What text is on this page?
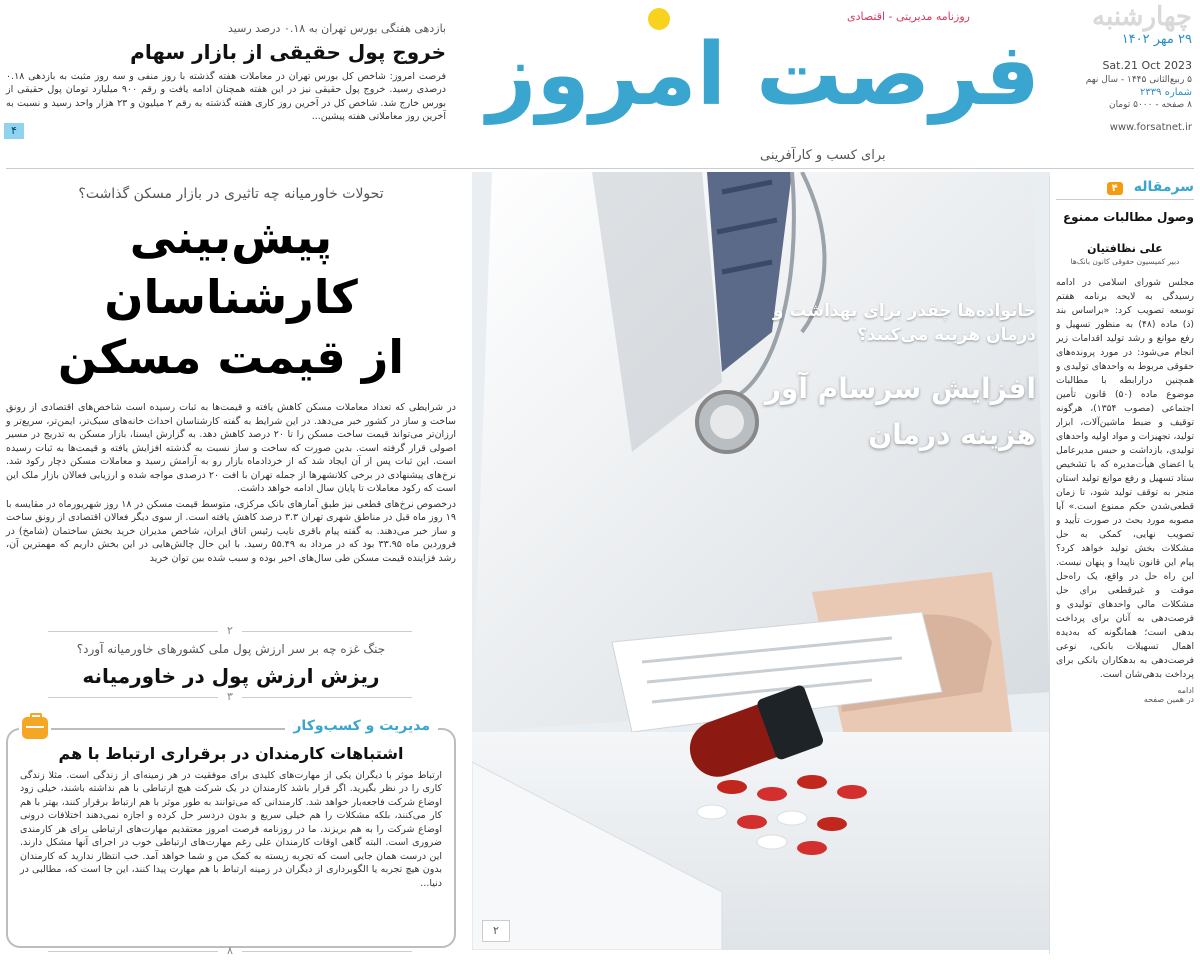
چهارشنبه
۲۹ مهر ۱۴۰۲
Sat.21 Oct 2023
۵ ربیع‌الثانی ۱۴۴۵ - سال نهم
شماره ۲۳۳۹
۸ صفحه - ۵۰۰۰ تومان
www.forsatnet.ir
روزنامه مدیریتی - اقتصادی
فرصت امروز
برای کسب و کارآفرینی
بازدهی هفتگی بورس تهران به ۰.۱۸ درصد رسید
خروج پول حقیقی از بازار سهام
فرصت امروز: شاخص کل بورس تهران در معاملات هفته گذشته با روز منفی و سه روز مثبت به بازدهی ۰.۱۸ درصدی رسید. خروج پول حقیقی نیز در این هفته همچنان ادامه یافت و رقم ۹۰۰ میلیارد تومان پول حقیقی از بورس خارج شد. شاخص کل در آخرین روز کاری هفته گذشته به رقم ۲ میلیون و ۲۳ هزار واحد رسید و نسبت به آخرین روز معاملاتی هفته پیشین...
۴
تحولات خاورمیانه چه تاثیری در بازار مسکن گذاشت؟
پیش‌بینی کارشناسان
از قیمت مسکن
در شرایطی که تعداد معاملات مسکن کاهش یافته و قیمت‌ها به ثبات رسیده است شاخص‌های اقتصادی از رونق ساخت و ساز در کشور خبر می‌دهد. در این شرایط به گفته کارشناسان احداث خانه‌های سبک‌تر، ایمن‌تر، سریع‌تر و ارزان‌تر می‌تواند قیمت ساخت مسکن را تا ۲۰ درصد کاهش دهد. به گزارش ایسنا، بازار مسکن به تدریج در مسیر اصولی قرار گرفته است. بدین صورت که ساخت و ساز نسبت به گذشته افزایش یافته و قیمت‌ها به ثبات رسیده است. این ثبات پس از آن ایجاد شد که از خرداد‌ماه بازار رو به آرامش رسید و معاملات مسکن دچار رکود شد. نرخ‌های پیشنهادی در برخی کلانشهرها از جمله تهران با افت ۲۰ درصدی مواجه شده و ارزیابی فعالان بازار ملک این است که رکود معاملات تا پایان سال ادامه خواهد داشت.
درخصوص نرخ‌های قطعی نیز طبق آمارهای بانک مرکزی، متوسط قیمت مسکن در ۱۸ روز شهریورماه در مقایسه با ۱۹ روز ماه قبل در مناطق شهری تهران ۳.۳ درصد کاهش یافته است. از سوی دیگر فعالان اقتصادی از رونق ساخت و ساز خبر می‌دهند. به گفته پیام باقری نایب رئیس اتاق ایران، شاخص مدیران خرید بخش ساختمان (شامخ) در فروردین ماه ۳۳.۹۵ بود که در مرداد به ۵۵.۴۹ رسید. با این حال چالش‌هایی در این بخش داریم که مهمترین آن، رشد فزاینده قیمت مسکن طی سال‌های اخیر بوده و سبب شده بین توان خرید
۲
جنگ غزه چه بر سر ارزش پول ملی کشورهای خاورمیانه آورد؟
ریزش ارزش پول در خاورمیانه
۳
مدیریت و کسب‌وکار
اشتباهات کارمندان در برقراری ارتباط با هم
ارتباط موثر با دیگران یکی از مهارت‌های کلیدی برای موفقیت در هر زمینه‌ای از زندگی است. مثلا زندگی کاری را در نظر بگیرید. اگر قرار باشد کارمندان در یک شرکت هیچ ارتباطی با هم نداشته باشند، خیلی زود اوضاع شرکت فاجعه‌بار خواهد شد. کارمندانی که می‌توانند به طور موثر با هم ارتباط برقرار کنند، بهتر با هم کار می‌کنند، بلکه مشکلات را هم خیلی سریع و بدون دردسر حل کرده و اجازه نمی‌دهند اختلافات درونی اوضاع شرکت را به هم بریزند. ما در روزنامه فرصت امروز معتقدیم مهارت‌های ارتباطی برای هر کارمندی ضروری است. البته گاهی اوقات کارمندان علی رغم مهارت‌های ارتباطی خوب در اجرای آنها مشکل دارند. این درست همان جایی است که تجربه زیسته به کمک من و شما خواهد آمد. خب انتظار ندارید که کارمندان بدون هیچ تجربه یا الگوبرداری از دیگران در زمینه ارتباط با هم مهارت پیدا کنند، این جا است که، مطالبی در دنیا...
۸
خانواده‌ها چقدر برای بهداشت و درمان هزینه می‌کنند؟
افزایش سرسام آور
هزینه درمان
۲
سرمقاله ۴
وصول مطالبات ممنوع
علی نظافتیان
دبیر کمیسیون حقوقی کانون بانک‌ها
مجلس شورای اسلامی در ادامه رسیدگی به لایحه برنامه هفتم توسعه تصویب کرد: «براساس بند (ذ) ماده (۴۸) به منظور تسهیل و رفع موانع و رشد تولید اقدامات زیر انجام می‌شود: در مورد پرونده‌های حقوقی مربوط به واحدهای تولیدی و همچنین درارابطه با مطالبات موضوع ماده (۵۰) قانون تأمین اجتماعی (مصوب ۱۳۵۴)، هرگونه توقیف و ضبط ماشین‌آلات، ابزار تولید، تجهیزات و مواد اولیه واحدهای تولیدی، بازداشت و حبس مدیرعامل یا اعضای هیأت‌مدیره که با تشخیص ستاد تسهیل و رفع موانع تولید استان منجر به توقف تولید شود، تا زمان قطعی‌شدن حکم ممنوع است.» آیا مصوبه مورد بحث در صورت تأیید و تصویب نهایی، کمکی به حل مشکلات بخش تولید خواهد کرد؟ پیام این قانون ناپیدا و پنهان نیست. این راه حل در واقع، یک راه‌حل موقت و غیرقطعی برای حل مشکلات مالی واحدهای تولیدی و فرصت‌دهی به آنان برای پرداخت بدهی است؛ همانگونه که به‌دیده اهمال تسهیلات بانکی، نوعی فرصت‌دهی به بدهکاران بانکی برای پرداخت بدهی‌شان است.
ادامه
در همین صفحه
